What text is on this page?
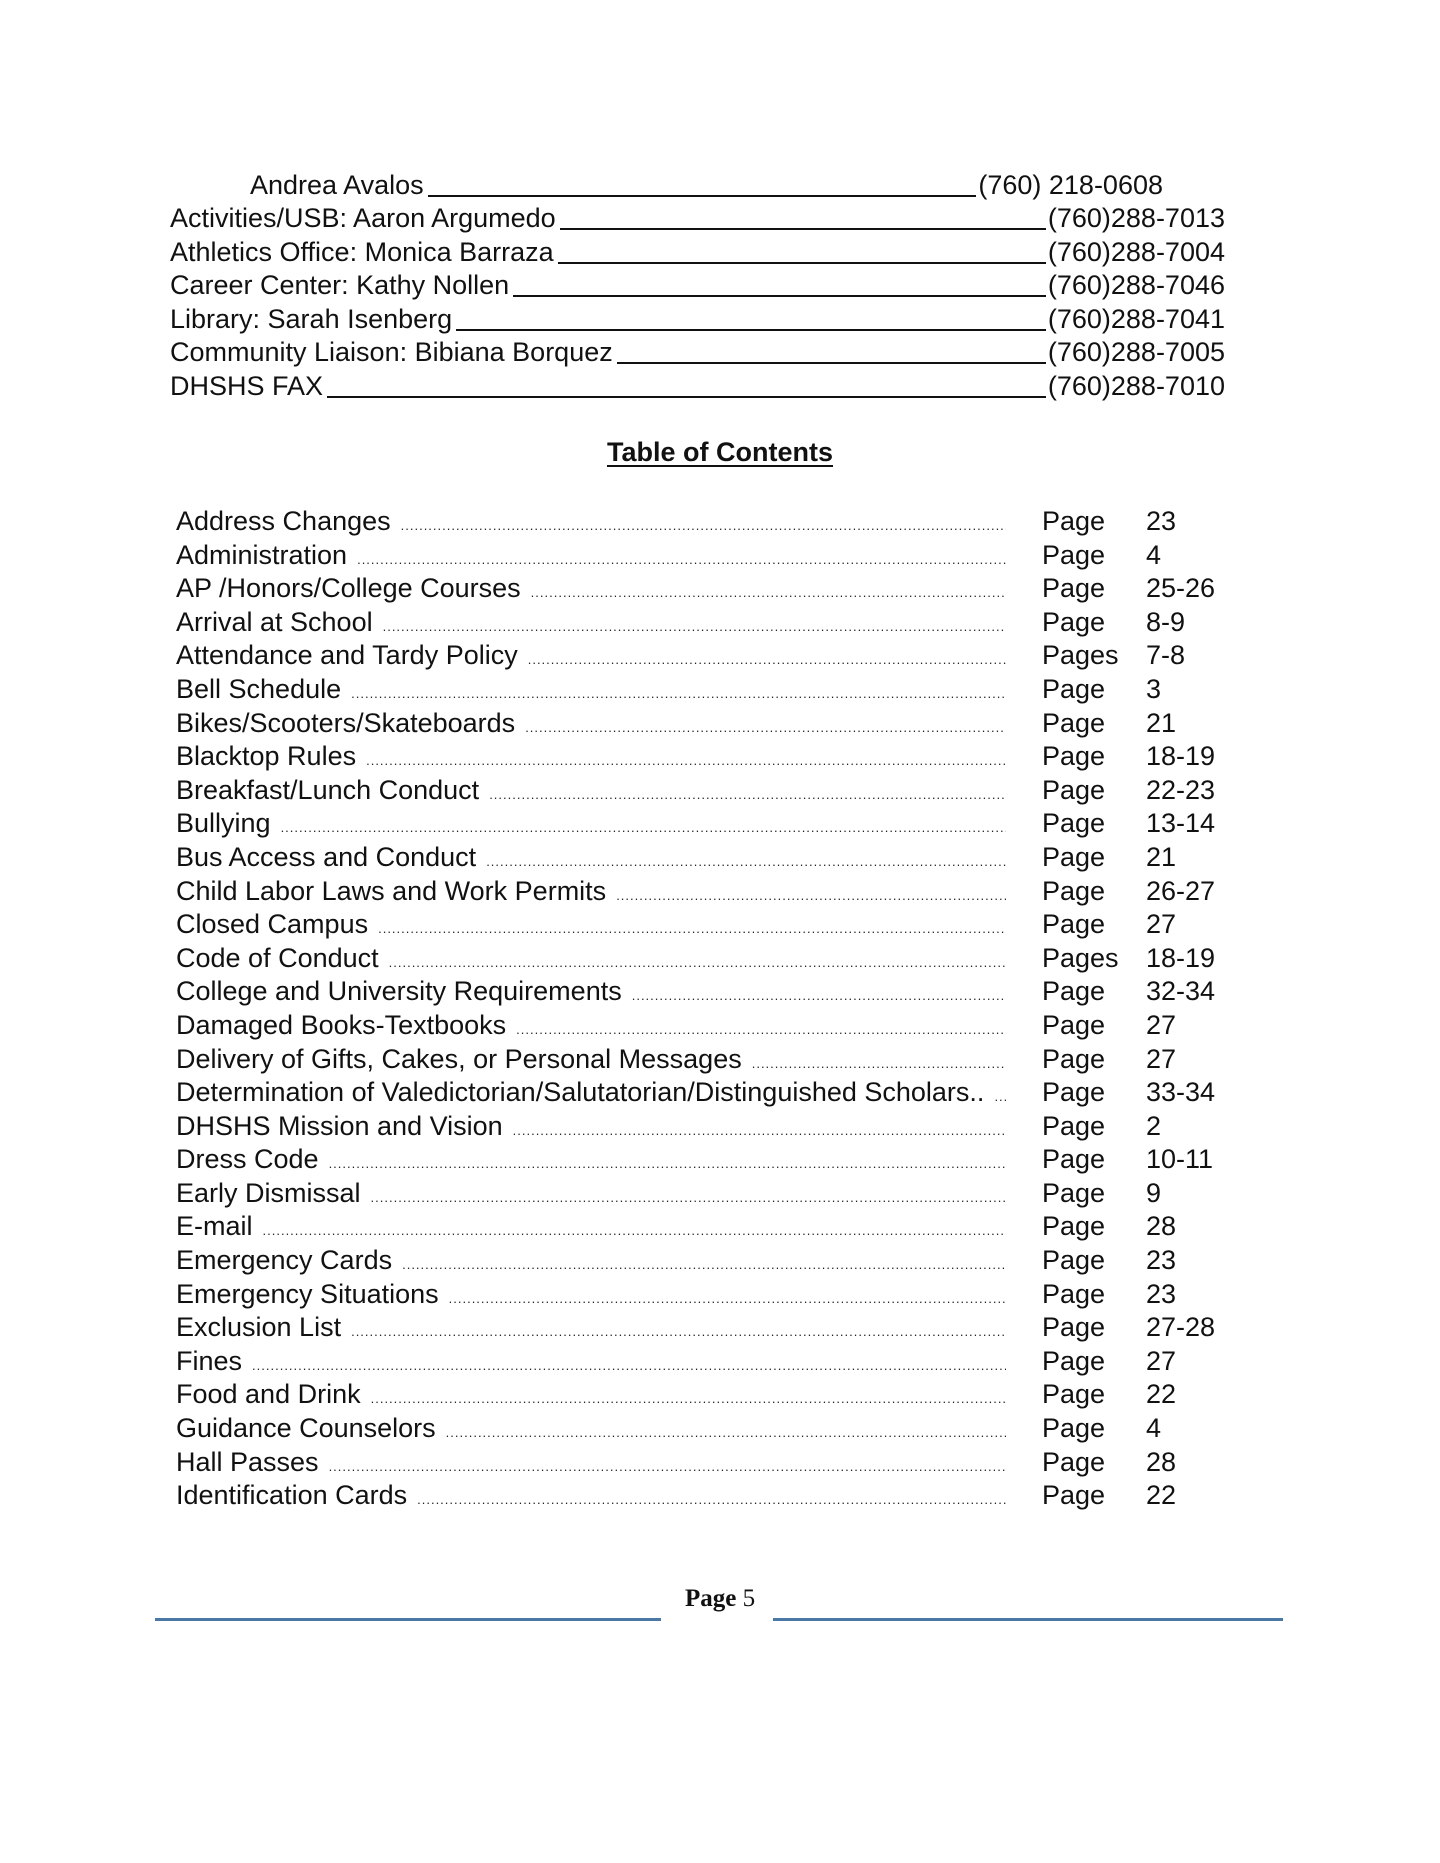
Andrea Avalos	(760) 218-0608
Activities/USB: Aaron Argumedo	(760)288-7013
Athletics Office: Monica Barraza	(760)288-7004
Career Center: Kathy Nollen	(760)288-7046
Library: Sarah Isenberg	(760)288-7041
Community Liaison: Bibiana Borquez	(760)288-7005
DHSHS FAX	(760)288-7010
Table of Contents
Address Changes .....	Page	23
Administration .....	Page	4
AP /Honors/College Courses .....	Page	25-26
Arrival at School .....	Page	8-9
Attendance and Tardy Policy .....	Pages	7-8
Bell Schedule .....	Page	3
Bikes/Scooters/Skateboards .....	Page	21
Blacktop Rules .....	Page	18-19
Breakfast/Lunch Conduct .....	Page	22-23
Bullying .....	Page	13-14
Bus Access and Conduct .....	Page	21
Child Labor Laws and Work Permits .....	Page	26-27
Closed Campus .....	Page	27
Code of Conduct .....	Pages	18-19
College and University Requirements .....	Page	32-34
Damaged Books-Textbooks .....	Page	27
Delivery of Gifts, Cakes, or Personal Messages .....	Page	27
Determination of Valedictorian/Salutatorian/Distinguished Scholars.. .....	Page	33-34
DHSHS Mission and Vision .....	Page	2
Dress Code .....	Page	10-11
Early Dismissal .....	Page	9
E-mail .....	Page	28
Emergency Cards .....	Page	23
Emergency Situations .....	Page	23
Exclusion List .....	Page	27-28
Fines .....	Page	27
Food and Drink .....	Page	22
Guidance Counselors .....	Page	4
Hall Passes .....	Page	28
Identification Cards .....	Page	22
Page 5
